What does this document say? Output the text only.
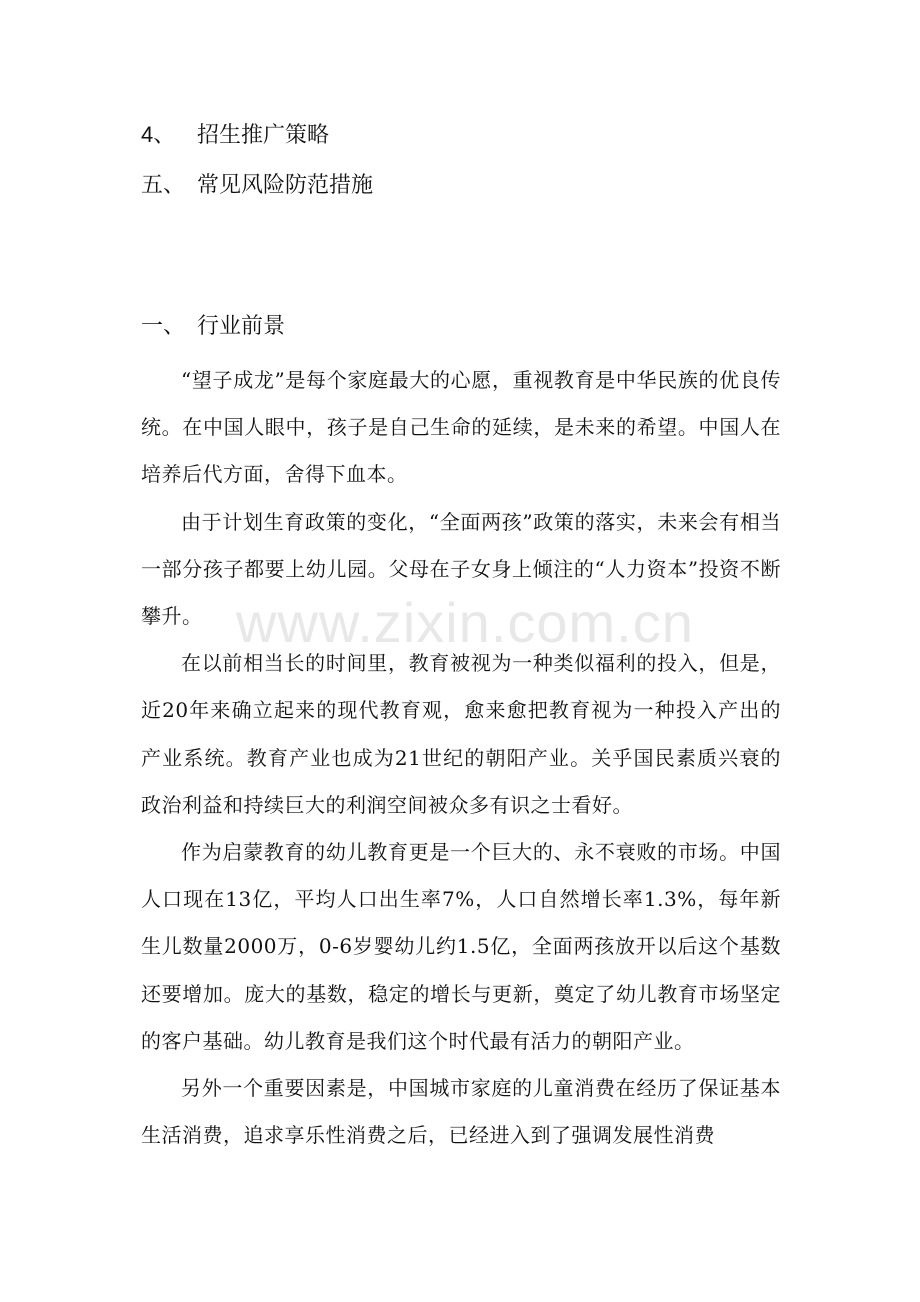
4、 招生推广策略
五、 常见风险防范措施
一、 行业前景

“望子成龙”是每个家庭最大的心愿，重视教育是中华民族的优良传统。在中国人眼中，孩子是自己生命的延续，是未来的希望。中国人在培养后代方面，舍得下血本。

由于计划生育政策的变化，“全面两孩”政策的落实，未来会有相当一部分孩子都要上幼儿园。父母在子女身上倾注的“人力资本”投资不断攀升。

在以前相当长的时间里，教育被视为一种类似福利的投入，但是，近20年来确立起来的现代教育观，愈来愈把教育视为一种投入产出的产业系统。教育产业也成为21世纪的朝阳产业。关乎国民素质兴衰的政治利益和持续巨大的利润空间被众多有识之士看好。

作为启蒙教育的幼儿教育更是一个巨大的、永不衰败的市场。中国人口现在13亿，平均人口出生率7%，人口自然增长率1.3%，每年新生儿数量2000万，0-6岁婴幼儿约1.5亿，全面两孩放开以后这个基数还要增加。庞大的基数，稳定的增长与更新，奠定了幼儿教育市场坚定的客户基础。幼儿教育是我们这个时代最有活力的朝阳产业。

另外一个重要因素是，中国城市家庭的儿童消费在经历了保证基本生活消费，追求享乐性消费之后，已经进入到了强调发展性消费

www.zixin.com.cn
